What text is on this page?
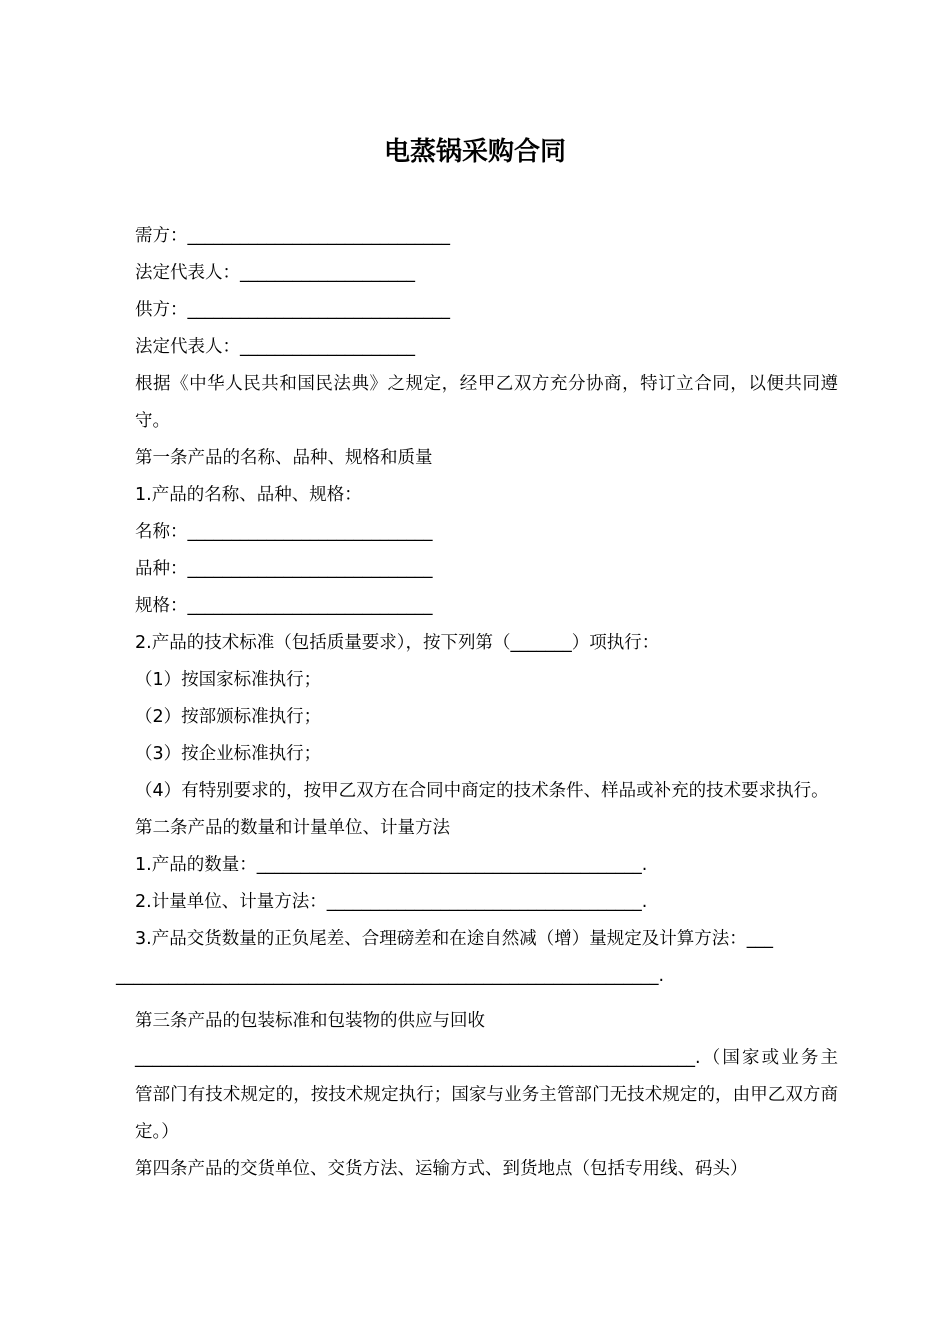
电蒸锅采购合同
需方：______________________________
法定代表人：____________________
供方：______________________________
法定代表人：____________________
根据《中华人民共和国民法典》之规定，经甲乙双方充分协商，特订立合同，以便共同遵守。
第一条产品的名称、品种、规格和质量
1.产品的名称、品种、规格：
名称：____________________________
品种：____________________________
规格：____________________________
2.产品的技术标准（包括质量要求），按下列第（_______）项执行：
（1）按国家标准执行；
（2）按部颁标准执行；
（3）按企业标准执行；
（4）有特别要求的，按甲乙双方在合同中商定的技术条件、样品或补充的技术要求执行。
第二条产品的数量和计量单位、计量方法
1.产品的数量：____________________________________________.
2.计量单位、计量方法：____________________________________.
3.产品交货数量的正负尾差、合理磅差和在途自然减（增）量规定及计算方法：___
______________________________________________________________.
第三条产品的包装标准和包装物的供应与回收
________________________________________________________________.（国家或业务主管部门有技术规定的，按技术规定执行；国家与业务主管部门无技术规定的，由甲乙双方商定。）
第四条产品的交货单位、交货方法、运输方式、到货地点（包括专用线、码头）
